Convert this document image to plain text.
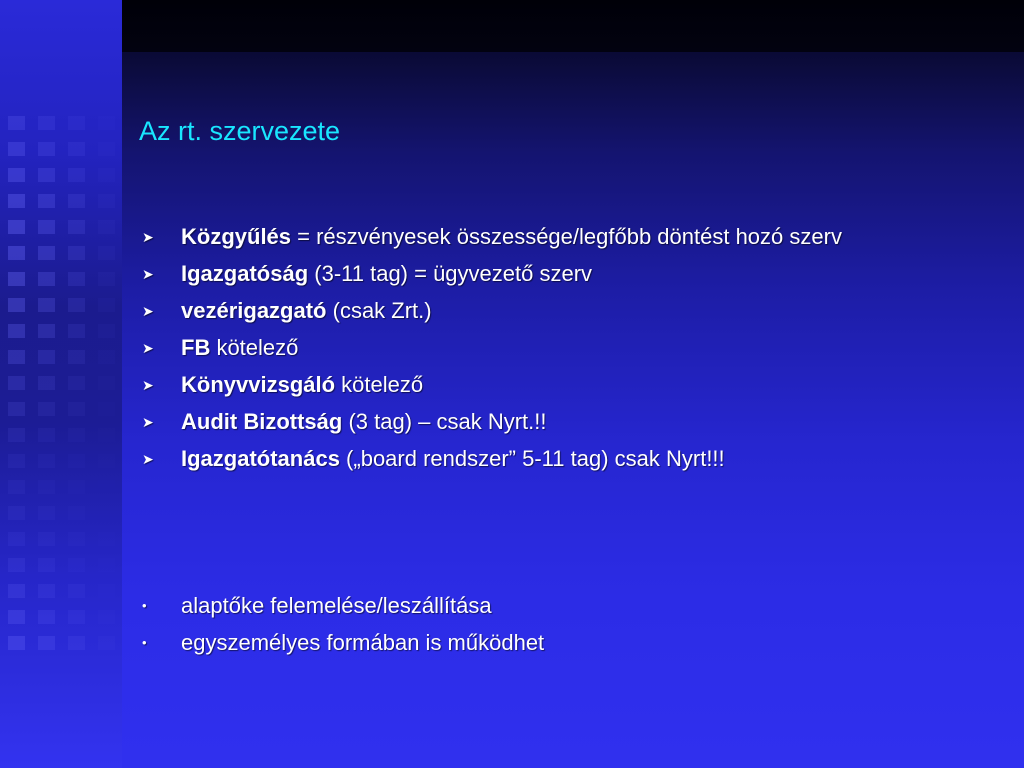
Az rt. szervezete
➤ Közgyűlés = részvényesek összessége/legfőbb döntést hozó szerv
➤ Igazgatóság (3-11 tag) = ügyvezető szerv
➤ vezérigazgató (csak Zrt.)
➤ FB kötelező
➤ Könyvvizsgáló kötelező
➤ Audit Bizottság (3 tag) – csak Nyrt.!!
➤ Igazgatótanács („board rendszer” 5-11 tag) csak Nyrt!!!
• alaptőke felemelése/leszállítása
• egyszemélyes formában is működhet
